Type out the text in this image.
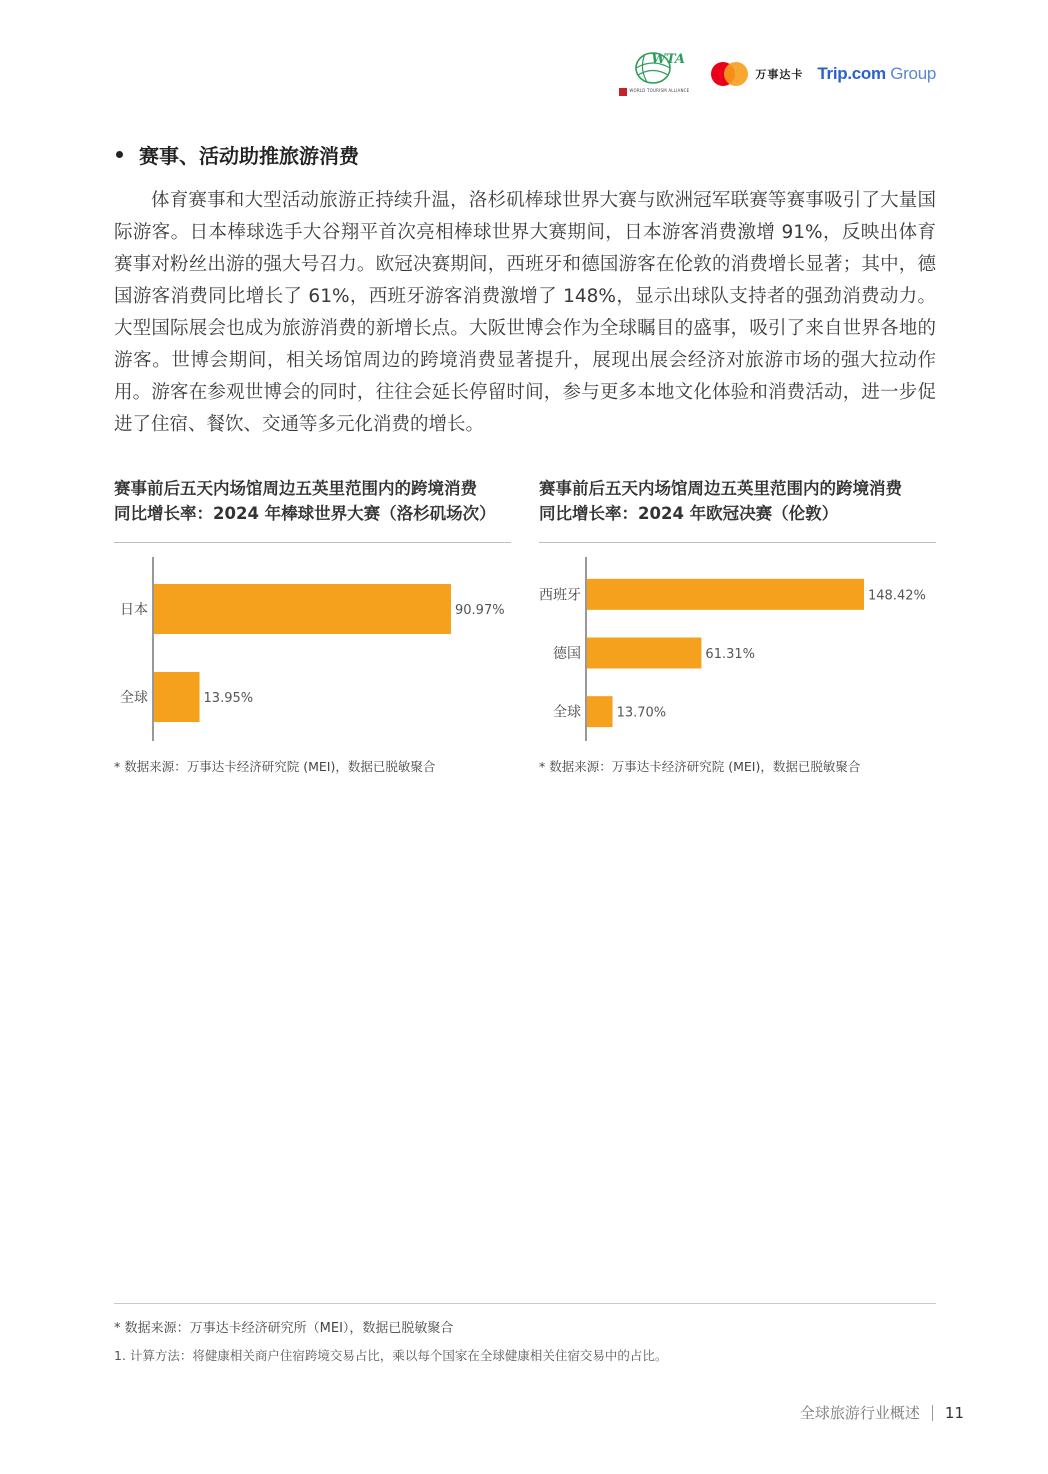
WTA
WORLD TOURISM ALLIANCE
万事达卡 Trip.com Group
赛事、活动助推旅游消费

体育赛事和大型活动旅游正持续升温，洛杉矶棒球世界大赛与欧洲冠军联赛等赛事吸引了大量国际游客。日本棒球选手大谷翔平首次亮相棒球世界大赛期间，日本游客消费激增 91%，反映出体育赛事对粉丝出游的强大号召力。欧冠决赛期间，西班牙和德国游客在伦敦的消费增长显著；其中，德国游客消费同比增长了 61%，西班牙游客消费激增了 148%，显示出球队支持者的强劲消费动力。大型国际展会也成为旅游消费的新增长点。大阪世博会作为全球瞩目的盛事，吸引了来自世界各地的游客。世博会期间，相关场馆周边的跨境消费显著提升，展现出展会经济对旅游市场的强大拉动作用。游客在参观世博会的同时，往往会延长停留时间，参与更多本地文化体验和消费活动，进一步促进了住宿、餐饮、交通等多元化消费的增长。

赛事前后五天内场馆周边五英里范围内的跨境消费
同比增长率：2024 年棒球世界大赛（洛杉矶场次）
日本	90.97%
全球	13.95%
* 数据来源：万事达卡经济研究院 (MEI)，数据已脱敏聚合
赛事前后五天内场馆周边五英里范围内的跨境消费
同比增长率：2024 年欧冠决赛（伦敦）
西班牙	148.42%
德国	61.31%
全球	13.70%
* 数据来源：万事达卡经济研究院 (MEI)，数据已脱敏聚合
* 数据来源：万事达卡经济研究所（MEI），数据已脱敏聚合
1. 计算方法：将健康相关商户住宿跨境交易占比，乘以每个国家在全球健康相关住宿交易中的占比。
全球旅游行业概述 11
